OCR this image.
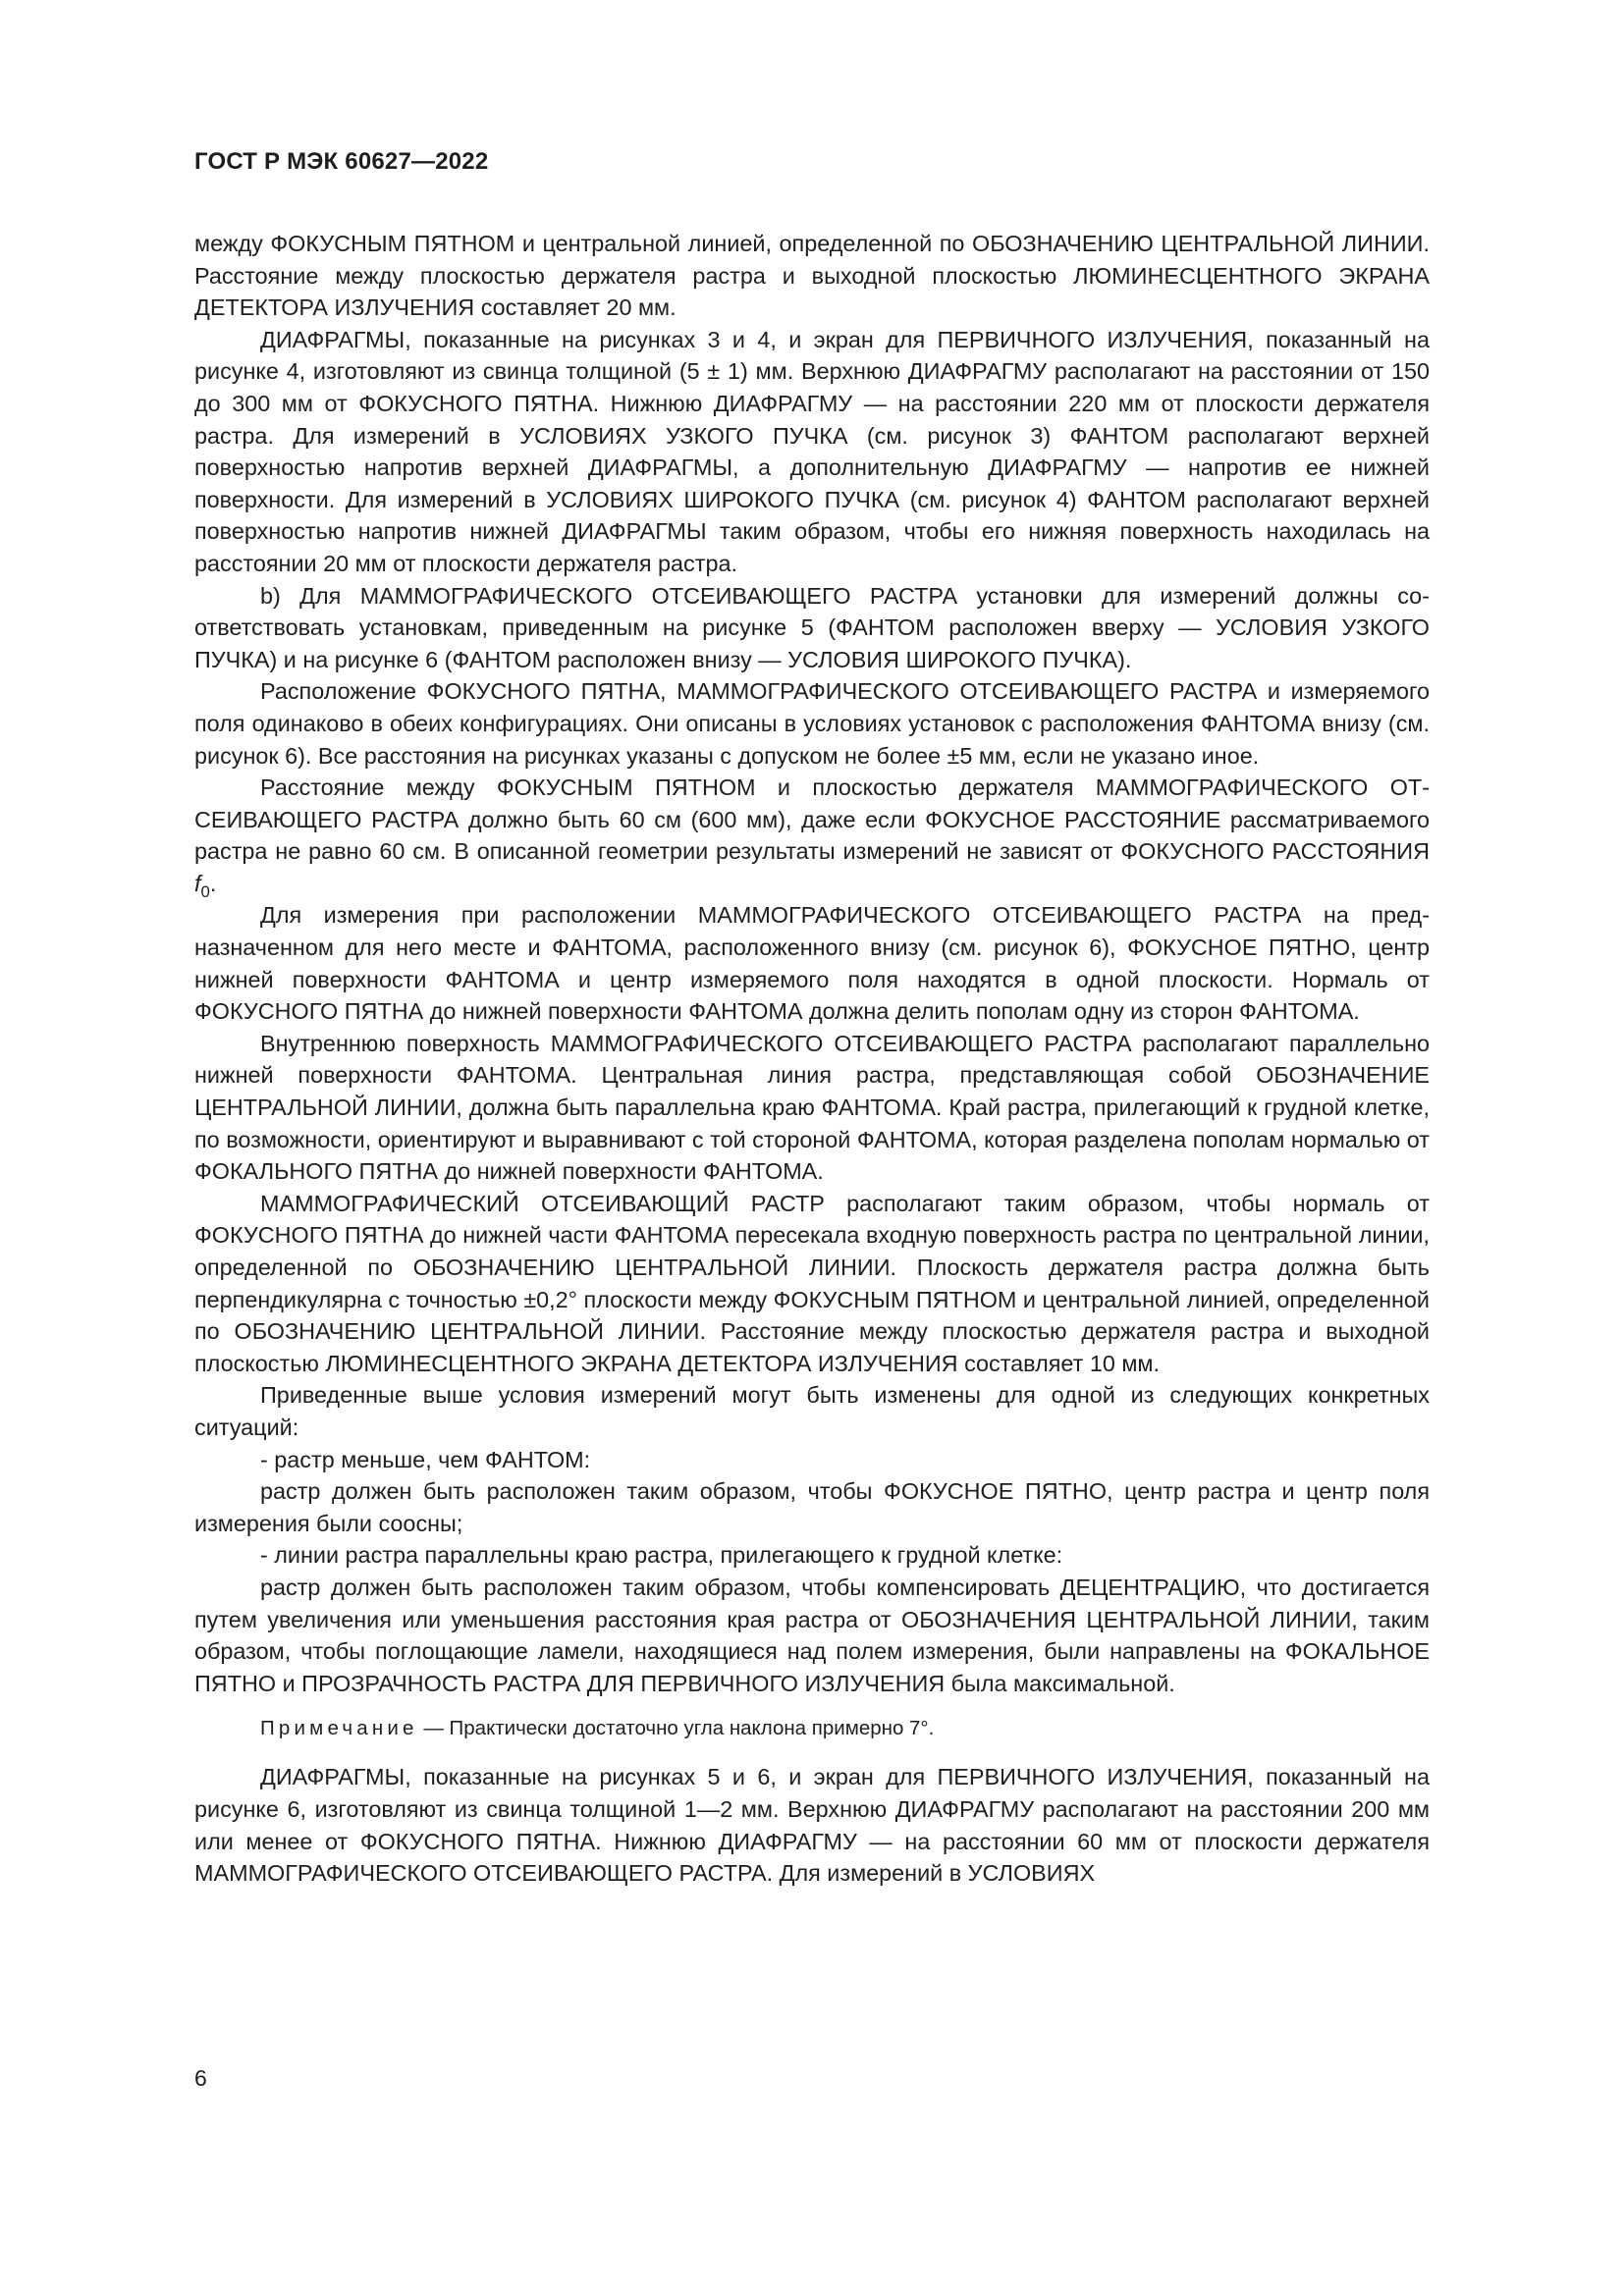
ГОСТ Р МЭК 60627—2022

между ФОКУСНЫМ ПЯТНОМ и центральной линией, определенной по ОБОЗНАЧЕНИЮ ЦЕНТРАЛЬНОЙ ЛИНИИ. Расстояние между плоскостью держателя растра и выходной плоскостью ЛЮМИНЕСЦЕНТНОГО ЭКРАНА ДЕТЕКТОРА ИЗЛУЧЕНИЯ составляет 20 мм.

ДИАФРАГМЫ, показанные на рисунках 3 и 4, и экран для ПЕРВИЧНОГО ИЗЛУЧЕНИЯ, показанный на рисунке 4, изготовляют из свинца толщиной (5 ± 1) мм. Верхнюю ДИАФРАГМУ располагают на расстоянии от 150 до 300 мм от ФОКУСНОГО ПЯТНА. Нижнюю ДИАФРАГМУ — на расстоянии 220 мм от плоскости держателя растра. Для измерений в УСЛОВИЯХ УЗКОГО ПУЧКА (см. рисунок 3) ФАНТОМ располагают верхней поверхностью напротив верхней ДИАФРАГМЫ, а дополнительную ДИАФРАГМУ — напротив ее нижней поверхности. Для измерений в УСЛОВИЯХ ШИРОКОГО ПУЧКА (см. рисунок 4) ФАНТОМ располагают верхней поверхностью напротив нижней ДИАФРАГМЫ таким образом, чтобы его нижняя поверхность находилась на расстоянии 20 мм от плоскости держателя растра.

b) Для МАММОГРАФИЧЕСКОГО ОТСЕИВАЮЩЕГО РАСТРА установки для измерений должны соответствовать установкам, приведенным на рисунке 5 (ФАНТОМ расположен вверху — УСЛОВИЯ УЗКОГО ПУЧКА) и на рисунке 6 (ФАНТОМ расположен внизу — УСЛОВИЯ ШИРОКОГО ПУЧКА).

Расположение ФОКУСНОГО ПЯТНА, МАММОГРАФИЧЕСКОГО ОТСЕИВАЮЩЕГО РАСТРА и измеряемого поля одинаково в обеих конфигурациях. Они описаны в условиях установок с расположения ФАНТОМА внизу (см. рисунок 6). Все расстояния на рисунках указаны с допуском не более ±5 мм, если не указано иное.

Расстояние между ФОКУСНЫМ ПЯТНОМ и плоскостью держателя МАММОГРАФИЧЕСКОГО ОТСЕИВАЮЩЕГО РАСТРА должно быть 60 см (600 мм), даже если ФОКУСНОЕ РАССТОЯНИЕ рассматриваемого растра не равно 60 см. В описанной геометрии результаты измерений не зависят от ФОКУСНОГО РАССТОЯНИЯ $f_0$.

Для измерения при расположении МАММОГРАФИЧЕСКОГО ОТСЕИВАЮЩЕГО РАСТРА на предназначенном для него месте и ФАНТОМА, расположенного внизу (см. рисунок 6), ФОКУСНОЕ ПЯТНО, центр нижней поверхности ФАНТОМА и центр измеряемого поля находятся в одной плоскости. Нормаль от ФОКУСНОГО ПЯТНА до нижней поверхности ФАНТОМА должна делить пополам одну из сторон ФАНТОМА.

Внутреннюю поверхность МАММОГРАФИЧЕСКОГО ОТСЕИВАЮЩЕГО РАСТРА располагают параллельно нижней поверхности ФАНТОМА. Центральная линия растра, представляющая собой ОБОЗНАЧЕНИЕ ЦЕНТРАЛЬНОЙ ЛИНИИ, должна быть параллельна краю ФАНТОМА. Край растра, прилегающий к грудной клетке, по возможности, ориентируют и выравнивают с той стороной ФАНТОМА, которая разделена пополам нормалью от ФОКАЛЬНОГО ПЯТНА до нижней поверхности ФАНТОМА.

МАММОГРАФИЧЕСКИЙ ОТСЕИВАЮЩИЙ РАСТР располагают таким образом, чтобы нормаль от ФОКУСНОГО ПЯТНА до нижней части ФАНТОМА пересекала входную поверхность растра по центральной линии, определенной по ОБОЗНАЧЕНИЮ ЦЕНТРАЛЬНОЙ ЛИНИИ. Плоскость держателя растра должна быть перпендикулярна с точностью ±0,2° плоскости между ФОКУСНЫМ ПЯТНОМ и центральной линией, определенной по ОБОЗНАЧЕНИЮ ЦЕНТРАЛЬНОЙ ЛИНИИ. Расстояние между плоскостью держателя растра и выходной плоскостью ЛЮМИНЕСЦЕНТНОГО ЭКРАНА ДЕТЕКТОРА ИЗЛУЧЕНИЯ составляет 10 мм.

Приведенные выше условия измерений могут быть изменены для одной из следующих конкретных ситуаций:

- растр меньше, чем ФАНТОМ:

растр должен быть расположен таким образом, чтобы ФОКУСНОЕ ПЯТНО, центр растра и центр поля измерения были соосны;

- линии растра параллельны краю растра, прилегающего к грудной клетке:

растр должен быть расположен таким образом, чтобы компенсировать ДЕЦЕНТРАЦИЮ, что достигается путем увеличения или уменьшения расстояния края растра от ОБОЗНАЧЕНИЯ ЦЕНТРАЛЬНОЙ ЛИНИИ, таким образом, чтобы поглощающие ламели, находящиеся над полем измерения, были направлены на ФОКАЛЬНОЕ ПЯТНО и ПРОЗРАЧНОСТЬ РАСТРА ДЛЯ ПЕРВИЧНОГО ИЗЛУЧЕНИЯ была максимальной.

Примечание — Практически достаточно угла наклона примерно 7°.

ДИАФРАГМЫ, показанные на рисунках 5 и 6, и экран для ПЕРВИЧНОГО ИЗЛУЧЕНИЯ, показанный на рисунке 6, изготовляют из свинца толщиной 1—2 мм. Верхнюю ДИАФРАГМУ располагают на расстоянии 200 мм или менее от ФОКУСНОГО ПЯТНА. Нижнюю ДИАФРАГМУ — на расстоянии 60 мм от плоскости держателя МАММОГРАФИЧЕСКОГО ОТСЕИВАЮЩЕГО РАСТРА. Для измерений в УСЛОВИЯХ

6
